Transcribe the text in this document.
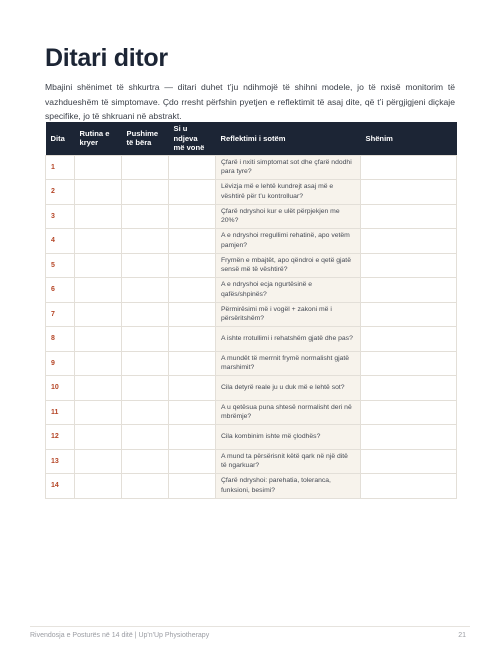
Ditari ditor

Mbajini shënimet të shkurtra — ditari duhet t’ju ndihmojë të shihni modele, jo të nxisë monitorim të vazhdueshëm të simptomave. Çdo rresht përfshin pyetjen e reflektimit të asaj dite, që t’i përgjigjeni diçkaje specifike, jo të shkruani në abstrakt.

Dita	Rutina e kryer	Pushime të bëra	Si u ndjeva më vonë	Reflektimi i sotëm	Shënim
1				Çfarë i nxiti simptomat sot dhe çfarë ndodhi para tyre?	
2				Lëvizja më e lehtë kundrejt asaj më e vështirë për t’u kontrolluar?	
3				Çfarë ndryshoi kur e ulët përpjekjen me 20%?	
4				A e ndryshoi rregullimi rehatinë, apo vetëm pamjen?	
5				Frymën e mbajtët, apo qëndroi e qetë gjatë sensë më të vështirë?	
6				A e ndryshoi ecja ngurtësinë e qafës/shpinës?	
7				Përmirësimi më i vogël + zakoni më i përsëritshëm?	
8				A ishte rrotullimi i rehatshëm gjatë dhe pas?	
9				A mundët të merrnit frymë normalisht gjatë marshimit?	
10				Cila detyrë reale ju u duk më e lehtë sot?	
11				A u qetësua puna shtesë normalisht deri në mbrëmje?	
12				Cila kombinim ishte më çlodhës?	
13				A mund ta përsërisnit këtë qark në një ditë të ngarkuar?	
14				Çfarë ndryshoi: parehatia, toleranca, funksioni, besimi?	
Rivendosja e Posturës në 14 ditë | Up'n'Up Physiotherapy	21
